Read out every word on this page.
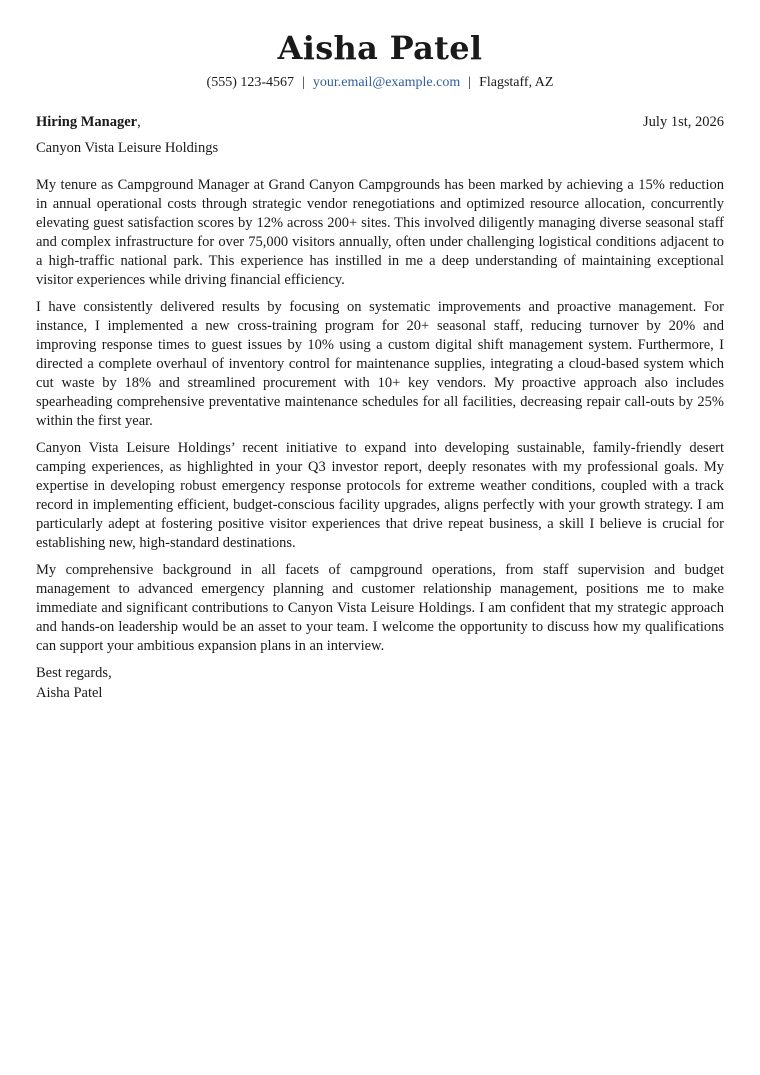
Aisha Patel
(555) 123-4567 | your.email@example.com | Flagstaff, AZ
Hiring Manager,	July 1st, 2026
Canyon Vista Leisure Holdings

My tenure as Campground Manager at Grand Canyon Campgrounds has been marked by achieving a 15% reduction in annual operational costs through strategic vendor renegotiations and optimized resource allocation, concurrently elevating guest satisfaction scores by 12% across 200+ sites. This involved diligently managing diverse seasonal staff and complex infrastructure for over 75,000 visitors annually, often under challenging logistical conditions adjacent to a high-traffic national park. This experience has instilled in me a deep understanding of maintaining exceptional visitor experiences while driving financial efficiency.

I have consistently delivered results by focusing on systematic improvements and proactive management. For instance, I implemented a new cross-training program for 20+ seasonal staff, reducing turnover by 20% and improving response times to guest issues by 10% using a custom digital shift management system. Furthermore, I directed a complete overhaul of inventory control for maintenance supplies, integrating a cloud-based system which cut waste by 18% and streamlined procurement with 10+ key vendors. My proactive approach also includes spearheading comprehensive preventative maintenance schedules for all facilities, decreasing repair call-outs by 25% within the first year.

Canyon Vista Leisure Holdings’ recent initiative to expand into developing sustainable, family-friendly desert camping experiences, as highlighted in your Q3 investor report, deeply resonates with my professional goals. My expertise in developing robust emergency response protocols for extreme weather conditions, coupled with a track record in implementing efficient, budget-conscious facility upgrades, aligns perfectly with your growth strategy. I am particularly adept at fostering positive visitor experiences that drive repeat business, a skill I believe is crucial for establishing new, high-standard destinations.

My comprehensive background in all facets of campground operations, from staff supervision and budget management to advanced emergency planning and customer relationship management, positions me to make immediate and significant contributions to Canyon Vista Leisure Holdings. I am confident that my strategic approach and hands-on leadership would be an asset to your team. I welcome the opportunity to discuss how my qualifications can support your ambitious expansion plans in an interview.

Best regards,
Aisha Patel
